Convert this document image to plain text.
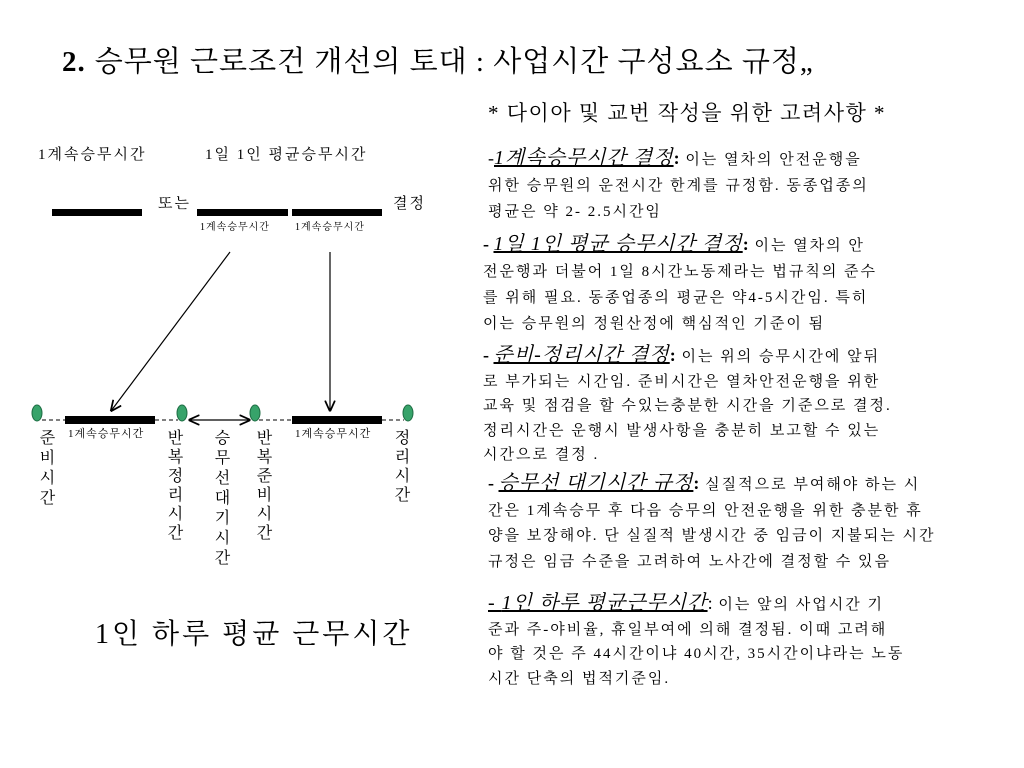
2. 승무원 근로조건 개선의 토대 : 사업시간 구성요소 규정„
* 다이아 및 교번 작성을 위한 고려사항 *
1계속승무시간	1일 1인 평균승무시간
또는	결정
1계속승무시간	1계속승무시간
1계속승무시간	1계속승무시간
준비시간	반복정리시간 승무선대기시간 반복준비시간	정리시간
1인 하루 평균 근무시간
-1계속승무시간 결정: 이는 열차의 안전운행을
위한 승무원의 운전시간 한계를 규정함. 동종업종의
평균은 약 2- 2.5시간임
- 1일 1인 평균 승무시간 결정: 이는 열차의 안
전운행과 더불어 1일 8시간노동제라는 법규칙의 준수
를 위해 필요. 동종업종의 평균은 약4-5시간임. 특히
이는 승무원의 정원산정에 핵심적인 기준이 됨
- 준비-정리시간 결정: 이는 위의 승무시간에 앞뒤
로 부가되는 시간임. 준비시간은 열차안전운행을 위한
교육 및 점검을 할 수있는충분한 시간을 기준으로 결정.
정리시간은 운행시 발생사항을 충분히 보고할 수 있는
시간으로 결정 .
- 승무선 대기시간 규정: 실질적으로 부여해야 하는 시
간은 1계속승무 후 다음 승무의 안전운행을 위한 충분한 휴
양을 보장해야. 단 실질적 발생시간 중 임금이 지불되는 시간
규정은 임금 수준을 고려하여 노사간에 결정할 수 있음
- 1인 하루 평균근무시간: 이는 앞의 사업시간 기
준과 주-야비율, 휴일부여에 의해 결정됨. 이때 고려해
야 할 것은 주 44시간이냐 40시간, 35시간이냐라는 노동
시간 단축의 법적기준임.
